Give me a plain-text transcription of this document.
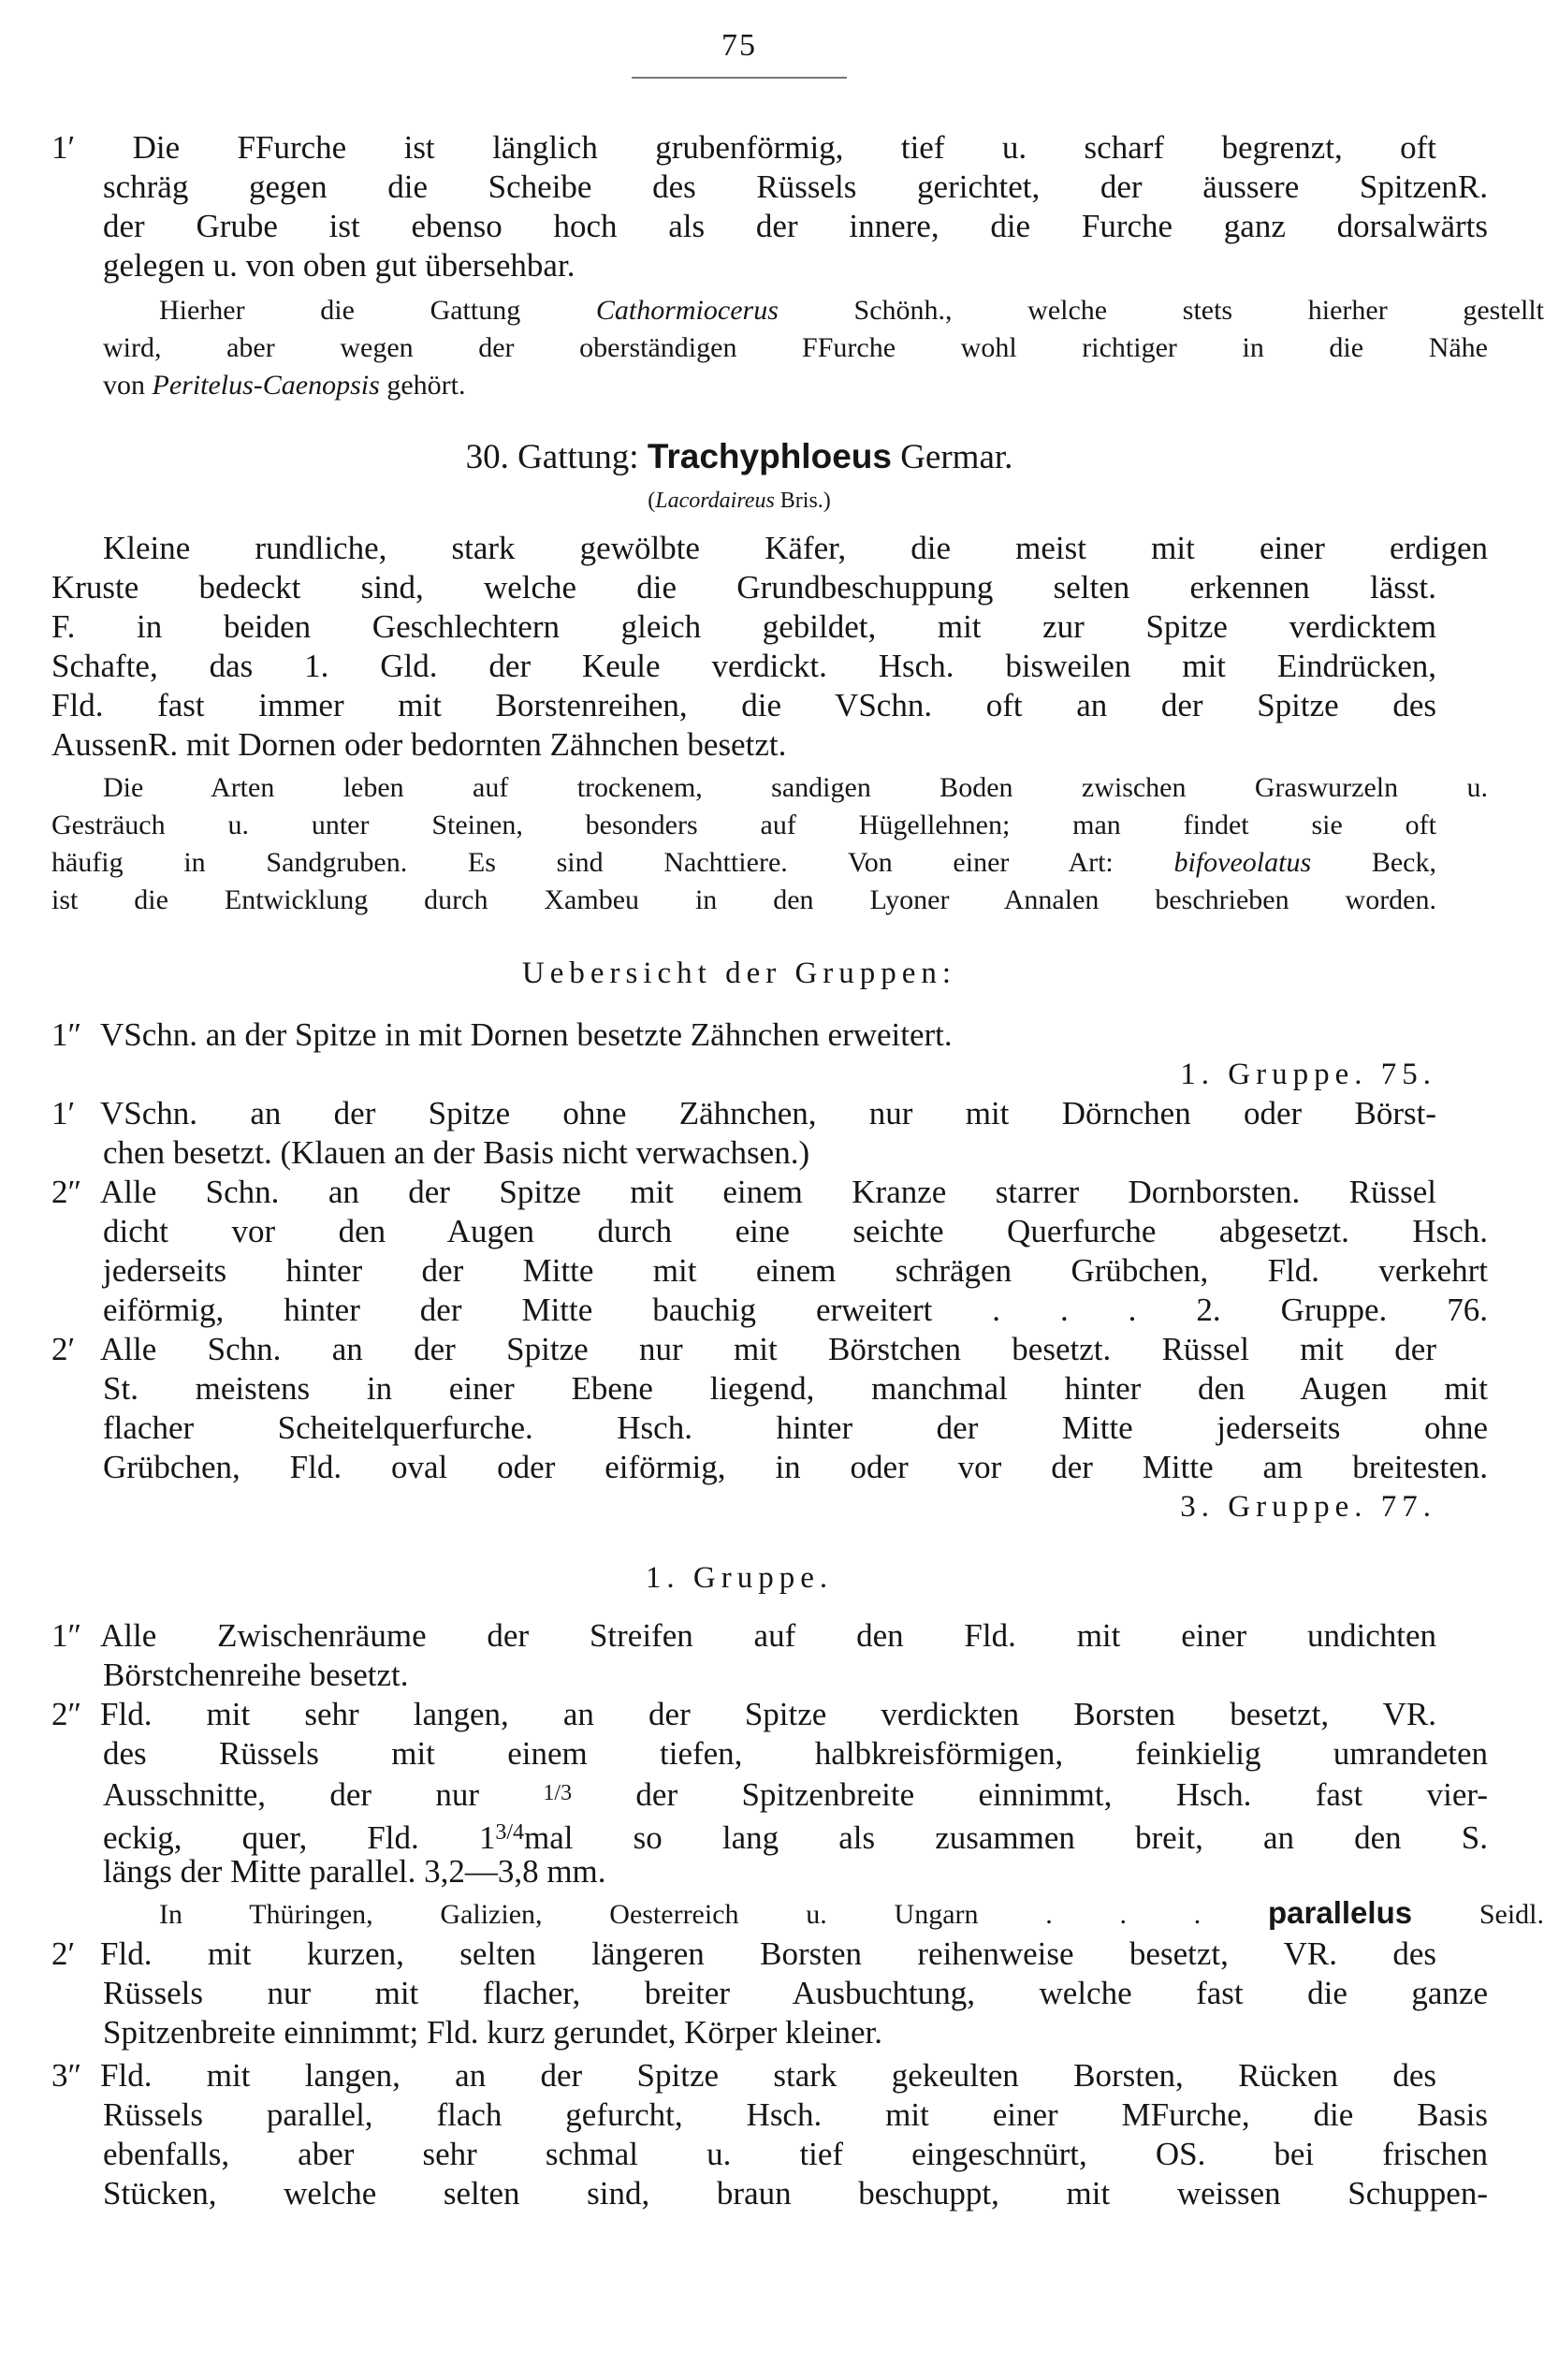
75
1′ Die FFurche ist länglich grubenförmig, tief u. scharf begrenzt, oft
schräg gegen die Scheibe des Rüssels gerichtet, der äussere SpitzenR.
der Grube ist ebenso hoch als der innere, die Furche ganz dorsalwärts
gelegen u. von oben gut übersehbar.
Hierher die Gattung Cathormiocerus Schönh., welche stets hierher gestellt
wird, aber wegen der oberständigen FFurche wohl richtiger in die Nähe
von Peritelus-Caenopsis gehört.
30. Gattung: Trachyphloeus Germar.
(Lacordaireus Bris.)
Kleine rundliche, stark gewölbte Käfer, die meist mit einer erdigen
Kruste bedeckt sind, welche die Grundbeschuppung selten erkennen lässt.
F. in beiden Geschlechtern gleich gebildet, mit zur Spitze verdicktem
Schafte, das 1. Gld. der Keule verdickt. Hsch. bisweilen mit Eindrücken,
Fld. fast immer mit Borstenreihen, die VSchn. oft an der Spitze des
AussenR. mit Dornen oder bedornten Zähnchen besetzt.
Die Arten leben auf trockenem, sandigen Boden zwischen Graswurzeln u.
Gesträuch u. unter Steinen, besonders auf Hügellehnen; man findet sie oft
häufig in Sandgruben. Es sind Nachttiere. Von einer Art: bifoveolatus Beck,
ist die Entwicklung durch Xambeu in den Lyoner Annalen beschrieben worden.
Uebersicht der Gruppen:
1″ VSchn. an der Spitze in mit Dornen besetzte Zähnchen erweitert.
1. Gruppe. 75.
1′ VSchn. an der Spitze ohne Zähnchen, nur mit Dörnchen oder Börst-
chen besetzt. (Klauen an der Basis nicht verwachsen.)
2″ Alle Schn. an der Spitze mit einem Kranze starrer Dornborsten. Rüssel
dicht vor den Augen durch eine seichte Querfurche abgesetzt. Hsch.
jederseits hinter der Mitte mit einem schrägen Grübchen, Fld. verkehrt
eiförmig, hinter der Mitte bauchig erweitert . . . 2. Gruppe. 76.
2′ Alle Schn. an der Spitze nur mit Börstchen besetzt. Rüssel mit der
St. meistens in einer Ebene liegend, manchmal hinter den Augen mit
flacher Scheitelquerfurche. Hsch. hinter der Mitte jederseits ohne
Grübchen, Fld. oval oder eiförmig, in oder vor der Mitte am breitesten.
3. Gruppe. 77.
1. Gruppe.
1″ Alle Zwischenräume der Streifen auf den Fld. mit einer undichten
Börstchenreihe besetzt.
2″ Fld. mit sehr langen, an der Spitze verdickten Borsten besetzt, VR.
des Rüssels mit einem tiefen, halbkreisförmigen, feinkielig umrandeten
Ausschnitte, der nur 1/3 der Spitzenbreite einnimmt, Hsch. fast vier-
eckig, quer, Fld. $1^{3/4}mal$ so lang als zusammen breit, an den S.
längs der Mitte parallel. 3,2—3,8 mm.
In Thüringen, Galizien, Oesterreich u. Ungarn . . . parallelus Seidl.
2′ Fld. mit kurzen, selten längeren Borsten reihenweise besetzt, VR. des
Rüssels nur mit flacher, breiter Ausbuchtung, welche fast die ganze
Spitzenbreite einnimmt; Fld. kurz gerundet, Körper kleiner.
3″ Fld. mit langen, an der Spitze stark gekeulten Borsten, Rücken des
Rüssels parallel, flach gefurcht, Hsch. mit einer MFurche, die Basis
ebenfalls, aber sehr schmal u. tief eingeschnürt, OS. bei frischen
Stücken, welche selten sind, braun beschuppt, mit weissen Schuppen-
